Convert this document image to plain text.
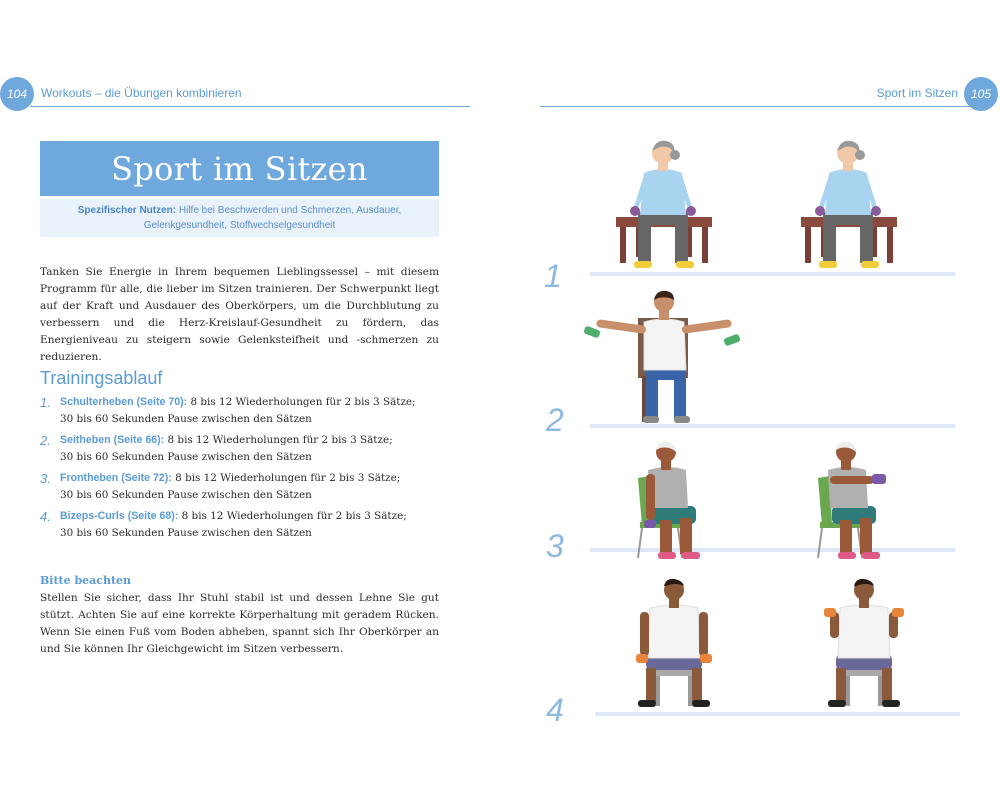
104	Workouts – die Übungen kombinieren	Sport im Sitzen	105
Sport im Sitzen
Spezifischer Nutzen: Hilfe bei Beschwerden und Schmerzen, Ausdauer,
Gelenkgesundheit, Stoffwechselgesundheit
Tanken Sie Energie in Ihrem bequemen Lieblingssessel – mit diesem Programm für alle, die lieber im Sitzen trainieren. Der Schwerpunkt liegt auf der Kraft und Ausdauer des Oberkörpers, um die Durchblutung zu verbessern und die Herz-Kreislauf-Gesundheit zu fördern, das Energieniveau zu steigern sowie Gelenksteifheit und -schmerzen zu reduzieren.
Trainingsablauf
1. Schulterheben (Seite 70): 8 bis 12 Wiederholungen für 2 bis 3 Sätze;
30 bis 60 Sekunden Pause zwischen den Sätzen
2. Seitheben (Seite 66): 8 bis 12 Wiederholungen für 2 bis 3 Sätze;
30 bis 60 Sekunden Pause zwischen den Sätzen
3. Frontheben (Seite 72): 8 bis 12 Wiederholungen für 2 bis 3 Sätze;
30 bis 60 Sekunden Pause zwischen den Sätzen
4. Bizeps-Curls (Seite 68): 8 bis 12 Wiederholungen für 2 bis 3 Sätze;
30 bis 60 Sekunden Pause zwischen den Sätzen
Bitte beachten
Stellen Sie sicher, dass Ihr Stuhl stabil ist und dessen Lehne Sie gut stützt. Achten Sie auf eine korrekte Körperhaltung mit geradem Rücken. Wenn Sie einen Fuß vom Boden abheben, spannt sich Ihr Oberkörper an und Sie können Ihr Gleichgewicht im Sitzen verbessern.
1
2
3
4
